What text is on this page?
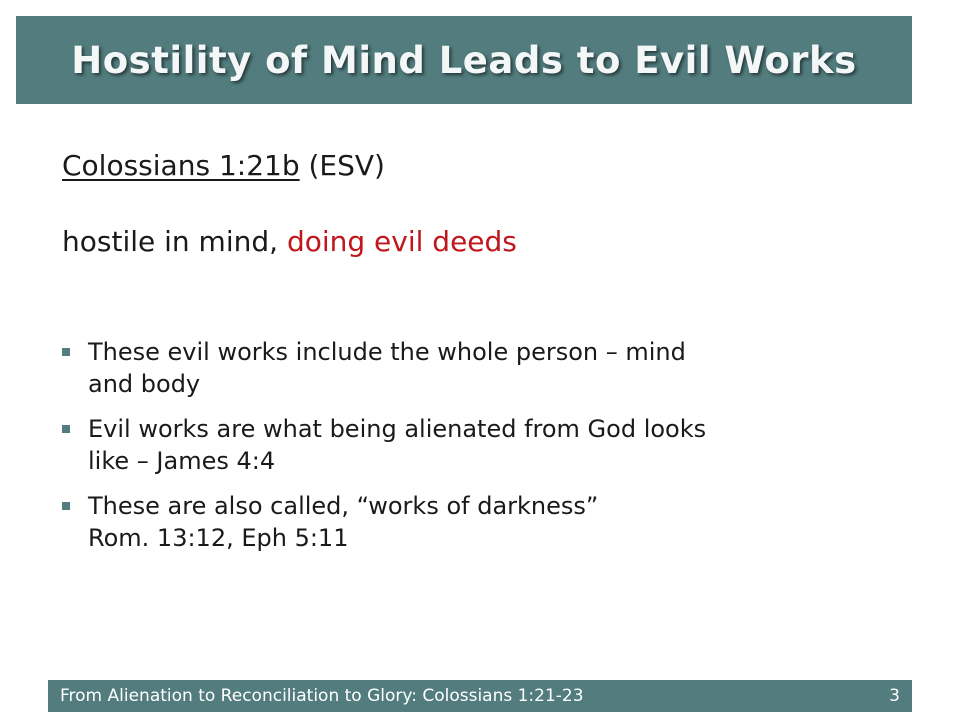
Hostility of Mind Leads to Evil Works
Colossians 1:21b (ESV)
hostile in mind, doing evil deeds
These evil works include the whole person – mind
and body
Evil works are what being alienated from God looks
like – James 4:4
These are also called, “works of darkness”
Rom. 13:12, Eph 5:11
From Alienation to Reconciliation to Glory: Colossians 1:21-23	3
